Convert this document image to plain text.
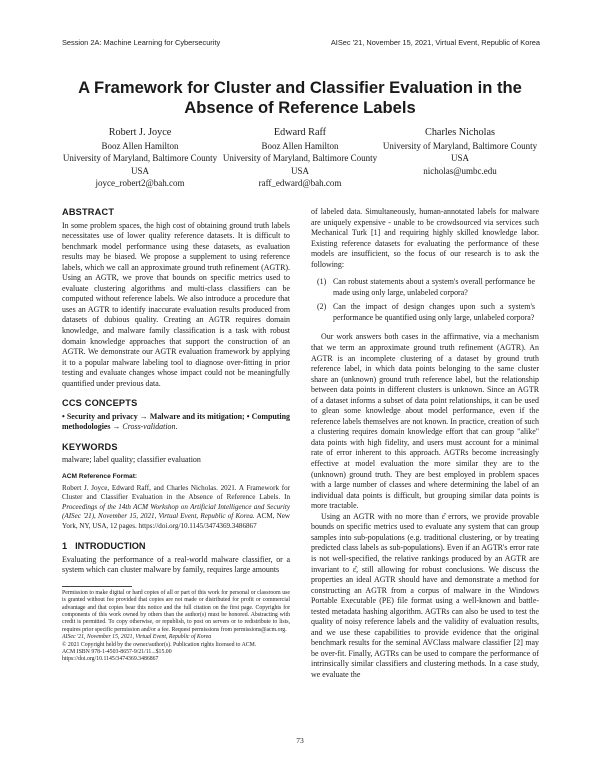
Session 2A: Machine Learning for Cybersecurity	AISec '21, November 15, 2021, Virtual Event, Republic of Korea
A Framework for Cluster and Classifier Evaluation in the Absence of Reference Labels
Robert J. Joyce
Booz Allen Hamilton
University of Maryland, Baltimore County
USA
joyce_robert2@bah.com
Edward Raff
Booz Allen Hamilton
University of Maryland, Baltimore County
USA
raff_edward@bah.com
Charles Nicholas
University of Maryland, Baltimore County
USA
nicholas@umbc.edu
ABSTRACT

In some problem spaces, the high cost of obtaining ground truth labels necessitates use of lower quality reference datasets. It is difficult to benchmark model performance using these datasets, as evaluation results may be biased. We propose a supplement to using reference labels, which we call an approximate ground truth refinement (AGTR). Using an AGTR, we prove that bounds on specific metrics used to evaluate clustering algorithms and multi-class classifiers can be computed without reference labels. We also introduce a procedure that uses an AGTR to identify inaccurate evaluation results produced from datasets of dubious quality. Creating an AGTR requires domain knowledge, and malware family classification is a task with robust domain knowledge approaches that support the construction of an AGTR. We demonstrate our AGTR evaluation framework by applying it to a popular malware labeling tool to diagnose over-fitting in prior testing and evaluate changes whose impact could not be meaningfully quantified under previous data.

CCS CONCEPTS

• Security and privacy → Malware and its mitigation; • Computing methodologies → Cross-validation.

KEYWORDS

malware; label quality; classifier evaluation

ACM Reference Format:

Robert J. Joyce, Edward Raff, and Charles Nicholas. 2021. A Framework for Cluster and Classifier Evaluation in the Absence of Reference Labels. In Proceedings of the 14th ACM Workshop on Artificial Intelligence and Security (AISec '21), November 15, 2021, Virtual Event, Republic of Korea. ACM, New York, NY, USA, 12 pages. https://doi.org/10.1145/3474369.3486867

1 INTRODUCTION

Evaluating the performance of a real-world malware classifier, or a system which can cluster malware by family, requires large amounts

Permission to make digital or hard copies of all or part of this work for personal or classroom use is granted without fee provided that copies are not made or distributed for profit or commercial advantage and that copies bear this notice and the full citation on the first page. Copyrights for components of this work owned by others than the author(s) must be honored. Abstracting with credit is permitted. To copy otherwise, or republish, to post on servers or to redistribute to lists, requires prior specific permission and/or a fee. Request permissions from permissions@acm.org.

AISec '21, November 15, 2021, Virtual Event, Republic of Korea

© 2021 Copyright held by the owner/author(s). Publication rights licensed to ACM.

ACM ISBN 978-1-4503-8657-9/21/11...$15.00

https://doi.org/10.1145/3474369.3486867

of labeled data. Simultaneously, human-annotated labels for malware are uniquely expensive - unable to be crowdsourced via services such Mechanical Turk [1] and requiring highly skilled knowledge labor. Existing reference datasets for evaluating the performance of these models are insufficient, so the focus of our research is to ask the following:

(1) Can robust statements about a system's overall performance be made using only large, unlabeled corpora?
(2) Can the impact of design changes upon such a system's performance be quantified using only large, unlabeled corpora?

Our work answers both cases in the affirmative, via a mechanism that we term an approximate ground truth refinement (AGTR). An AGTR is an incomplete clustering of a dataset by ground truth reference label, in which data points belonging to the same cluster share an (unknown) ground truth reference label, but the relationship between data points in different clusters is unknown. Since an AGTR of a dataset informs a subset of data point relationships, it can be used to glean some knowledge about model performance, even if the reference labels themselves are not known. In practice, creation of such a clustering requires domain knowledge effort that can group "alike" data points with high fidelity, and users must account for a minimal rate of error inherent to this approach. AGTRs become increasingly effective at model evaluation the more similar they are to the (unknown) ground truth. They are best employed in problem spaces with a large number of classes and where determining the label of an individual data points is difficult, but grouping similar data points is more tractable.

Using an AGTR with no more than ε̂ errors, we provide provable bounds on specific metrics used to evaluate any system that can group samples into sub-populations (e.g. traditional clustering, or by treating predicted class labels as sub-populations). Even if an AGTR's error rate is not well-specified, the relative rankings produced by an AGTR are invariant to ε̂, still allowing for robust conclusions. We discuss the properties an ideal AGTR should have and demonstrate a method for constructing an AGTR from a corpus of malware in the Windows Portable Executable (PE) file format using a well-known and battle-tested metadata hashing algorithm. AGTRs can also be used to test the quality of noisy reference labels and the validity of evaluation results, and we use these capabilities to provide evidence that the original benchmark results for the seminal AVClass malware classifier [2] may be over-fit. Finally, AGTRs can be used to compare the performance of intrinsically similar classifiers and clustering methods. In a case study, we evaluate the

73
